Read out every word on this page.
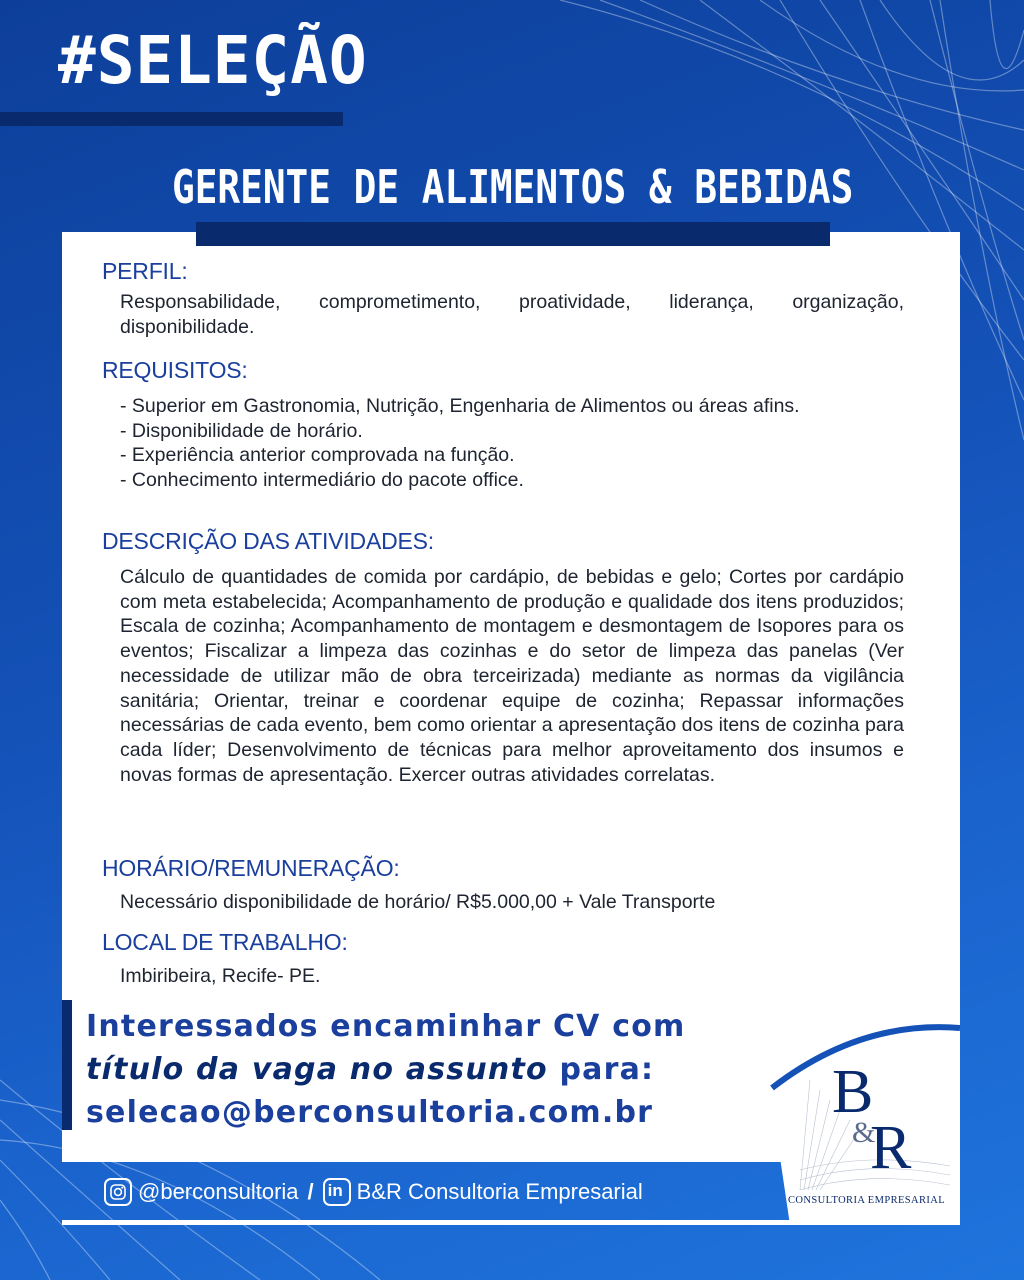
#SELEÇÃO
GERENTE DE ALIMENTOS & BEBIDAS
PERFIL:
Responsabilidade, comprometimento, proatividade, liderança, organização, disponibilidade.
REQUISITOS:
- Superior em Gastronomia, Nutrição, Engenharia de Alimentos ou áreas afins.
- Disponibilidade de horário.
- Experiência anterior comprovada na função.
- Conhecimento intermediário do pacote office.
DESCRIÇÃO DAS ATIVIDADES:
Cálculo de quantidades de comida por cardápio, de bebidas e gelo; Cortes por cardápio com meta estabelecida; Acompanhamento de produção e qualidade dos itens produzidos; Escala de cozinha; Acompanhamento de montagem e desmontagem de Isopores para os eventos; Fiscalizar a limpeza das cozinhas e do setor de limpeza das panelas (Ver necessidade de utilizar mão de obra terceirizada) mediante as normas da vigilância sanitária; Orientar, treinar e coordenar equipe de cozinha; Repassar informações necessárias de cada evento, bem como orientar a apresentação dos itens de cozinha para cada líder; Desenvolvimento de técnicas para melhor aproveitamento dos insumos e novas formas de apresentação. Exercer outras atividades correlatas.
HORÁRIO/REMUNERAÇÃO:
Necessário disponibilidade de horário/ R$5.000,00 + Vale Transporte
LOCAL DE TRABALHO:
Imbiribeira, Recife- PE.
Interessados encaminhar CV com
título da vaga no assunto para:
selecao@berconsultoria.com.br	B
&
R
CONSULTORIA EMPRESARIAL
@berconsultoria / in B&R Consultoria Empresarial
